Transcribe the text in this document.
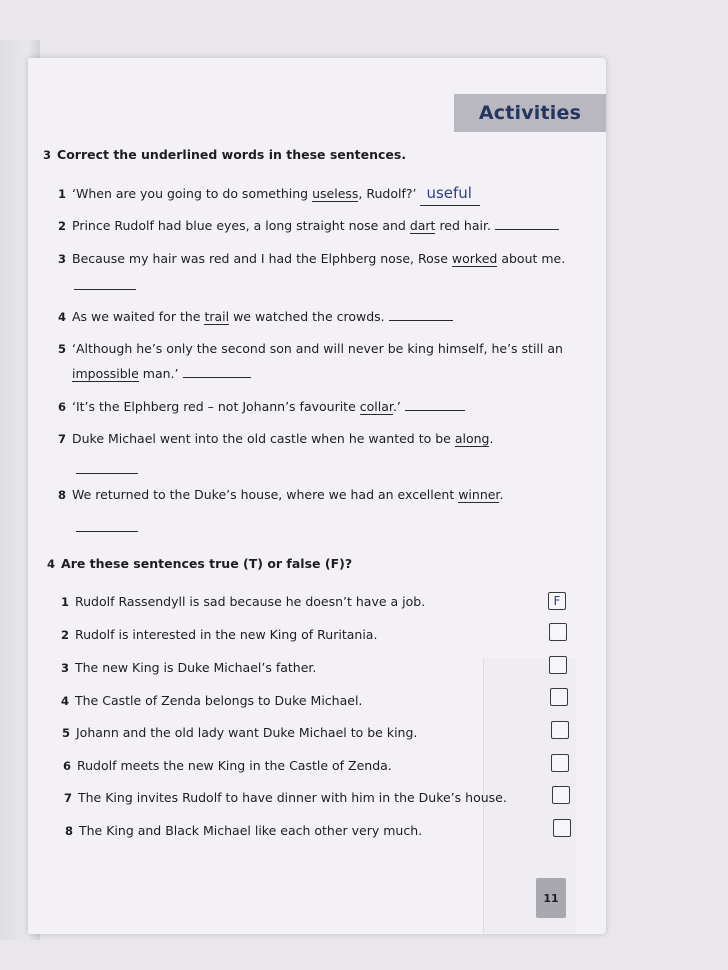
Activities
3 Correct the underlined words in these sentences.
1 ‘When are you going to do something useless, Rudolf?’ useful
2 Prince Rudolf had blue eyes, a long straight nose and dart red hair.
3 Because my hair was red and I had the Elphberg nose, Rose worked about me.
4 As we waited for the trail we watched the crowds.
5 ‘Although he’s only the second son and will never be king himself, he’s still an
impossible man.’
6 ‘It’s the Elphberg red – not Johann’s favourite collar.’
7 Duke Michael went into the old castle when he wanted to be along.
8 We returned to the Duke’s house, where we had an excellent winner.
4 Are these sentences true (T) or false (F)?
1 Rudolf Rassendyll is sad because he doesn’t have a job.	F
2 Rudolf is interested in the new King of Ruritania.
3 The new King is Duke Michael’s father.
4 The Castle of Zenda belongs to Duke Michael.
5 Johann and the old lady want Duke Michael to be king.
6 Rudolf meets the new King in the Castle of Zenda.
7 The King invites Rudolf to have dinner with him in the Duke’s house.
8 The King and Black Michael like each other very much.
11
